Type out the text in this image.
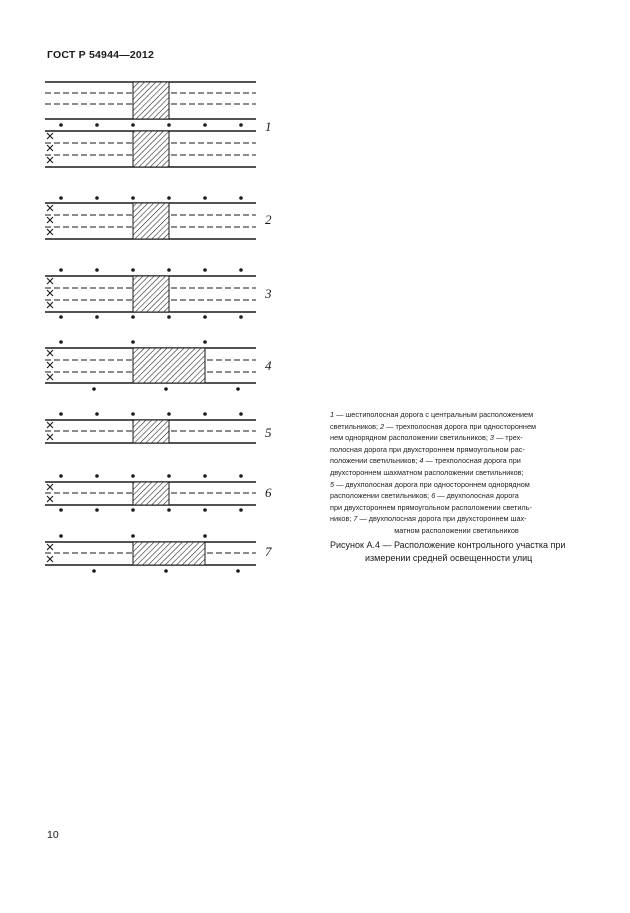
ГОСТ Р 54944—2012
1
2
3
4
5
6
7
1 — шестиполосная дорога с центральным расположением
светильников; 2 — трехполосная дорога при одностороннем
нем однорядном расположении светильников; 3 — трех-
полосная дорога при двухстороннем прямоугольном рас-
положении светильников; 4 — трехполосная дорога при
двухстороннем шахматном расположении светильников;
5 — двухполосная дорога при одностороннем однорядном
расположении светильников; 6 — двухполосная дорога
при двухстороннем прямоугольном расположении светиль-
ников; 7 — двухполосная дорога при двухстороннем шах-
матном расположении светильников
Рисунок А.4 — Расположение контрольного участка при
измерении средней освещенности улиц
10
